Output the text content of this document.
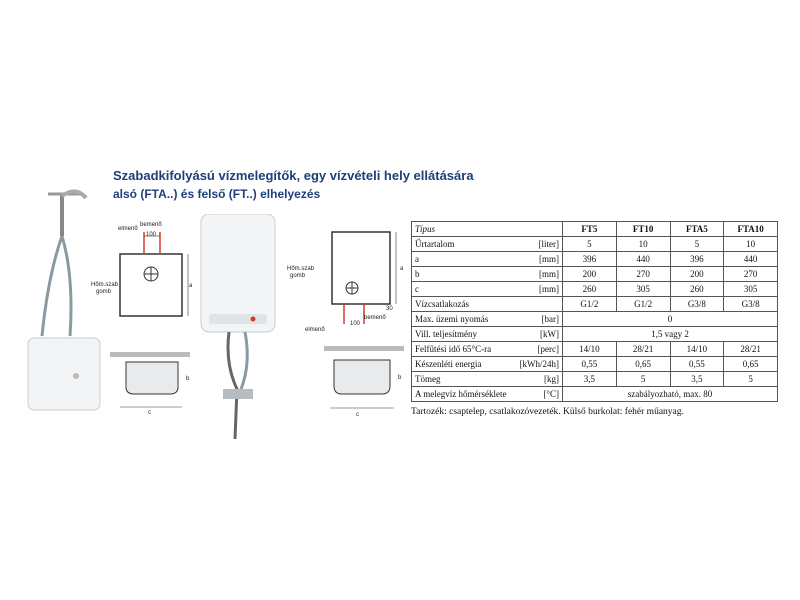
Szabadkifolyású vízmelegítők, egy vízvételi hely ellátására
alsó (FTA..) és felső (FT..) elhelyezés
bemenő
elmenő
100
Hőm.szab
gomb
a
b
c
bemenő
elmenő
100
30
Hőm.szab
gomb
a
b
c
Típus	FT5	FT10	FTA5	FTA10

Űrtartalom [liter]	5	10	5	10

a [mm]	396	440	396	440

b [mm]	200	270	200	270

c [mm]	260	305	260	305

Vízcsatlakozás	G1/2	G1/2	G3/8	G3/8

Max. üzemi nyomás [bar]	0			

Vill. teljesítmény [kW]	1,5 vagy 2			

Felfűtési idő 65°C-ra [perc]	14/10	28/21	14/10	28/21

Készenléti energia [kWh/24h]	0,55	0,65	0,55	0,65

Tömeg [kg]	3,5	5	3,5	5

A melegvíz hőmérséklete [°C]	szabályozható, max. 80			
Tartozék: csaptelep, csatlakozóvezeték. Külső burkolat: fehér műanyag.
